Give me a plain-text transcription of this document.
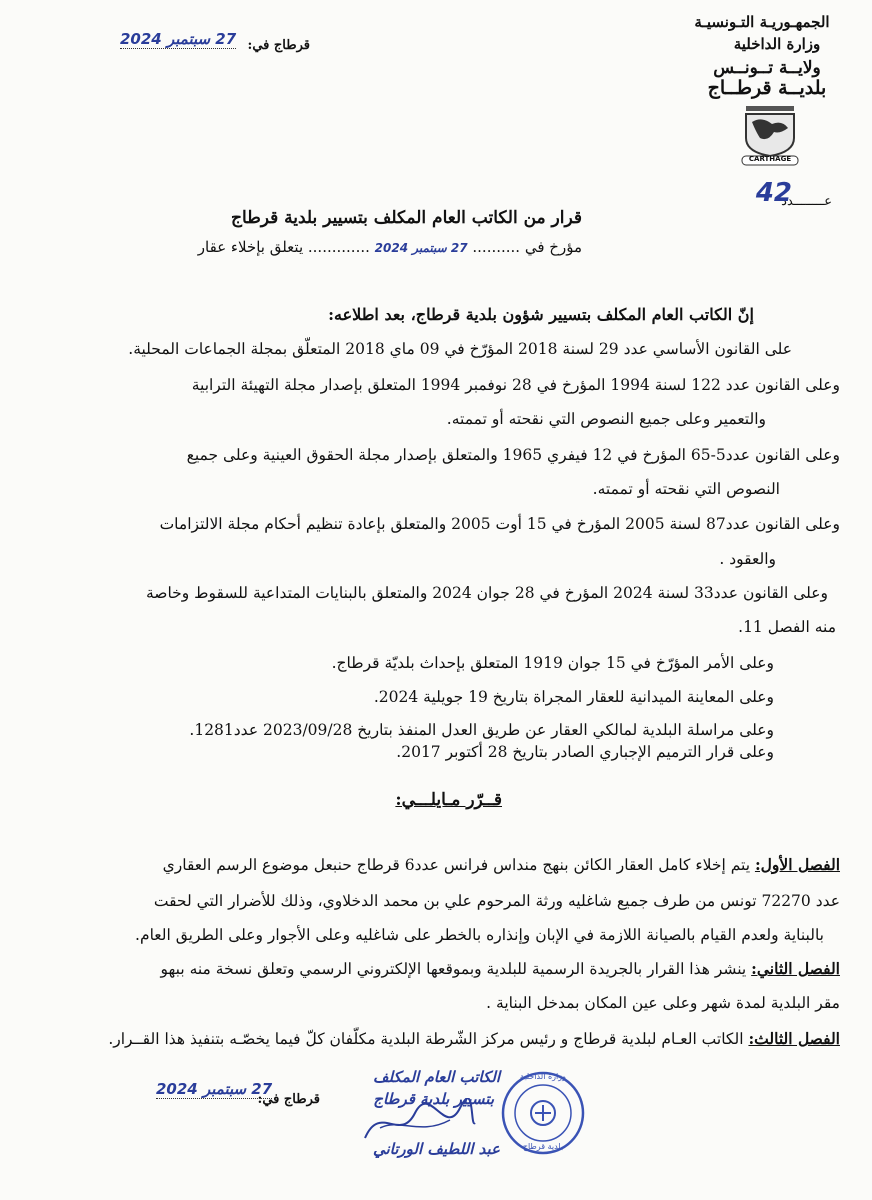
الجمهـوريـة التـونسيـة
وزارة الداخلية
ولايــة تــونــس
بلديــة قرطــاج
CARTHAGE
قرطاج في:
27 سبتمبر 2024
عــــــــدد
42
قرار من الكاتب العام المكلف بتسيير بلدية قرطاج
مؤرخ في .......... 27 سبتمبر 2024 ............. يتعلق بإخلاء عقار
إنّ الكاتب العام المكلف بتسيير شؤون بلدية قرطاج، بعد اطلاعه:
على القانون الأساسي عدد 29 لسنة 2018 المؤرّخ في 09 ماي 2018 المتعلّق بمجلة الجماعات المحلية.
وعلى القانون عدد 122 لسنة 1994 المؤرخ في 28 نوفمبر 1994 المتعلق بإصدار مجلة التهيئة الترابية
والتعمير وعلى جميع النصوص التي نقحته أو تممته.
وعلى القانون عدد5-65 المؤرخ في 12 فيفري 1965 والمتعلق بإصدار مجلة الحقوق العينية وعلى جميع
النصوص التي نقحته أو تممته.
وعلى القانون عدد87 لسنة 2005 المؤرخ في 15 أوت 2005 والمتعلق بإعادة تنظيم أحكام مجلة الالتزامات
والعقود .
وعلى القانون عدد33 لسنة 2024 المؤرخ في 28 جوان 2024 والمتعلق بالبنايات المتداعية للسقوط وخاصة
منه الفصل 11.
وعلى الأمر المؤرّخ في 15 جوان 1919 المتعلق بإحداث بلديّة قرطاج.
وعلى المعاينة الميدانية للعقار المجراة بتاريخ 19 جويلية 2024.
وعلى مراسلة البلدية لمالكي العقار عن طريق العدل المنفذ بتاريخ 2023/09/28 عدد1281.
وعلى قرار الترميم الإجباري الصادر بتاريخ 28 أكتوبر 2017.
قــرّر مـايلـــي:
الفصل الأول: يتم إخلاء كامل العقار الكائن بنهج منداس فرانس عدد6 قرطاج حنبعل موضوع الرسم العقاري
عدد 72270 تونس من طرف جميع شاغليه ورثة المرحوم علي بن محمد الدخلاوي، وذلك للأضرار التي لحقت
بالبناية ولعدم القيام بالصيانة اللازمة في الإبان وإنذاره بالخطر على شاغليه وعلى الأجوار وعلى الطريق العام.
الفصل الثاني: ينشر هذا القرار بالجريدة الرسمية للبلدية وبموقعها الإلكتروني الرسمي وتعلق نسخة منه ببهو
مقر البلدية لمدة شهر وعلى عين المكان بمدخل البناية .
الفصل الثالث: الكاتب العـام لبلدية قرطاج و رئيس مركز الشّرطة البلدية مكلّفان كلّ فيما يخصّـه بتنفيذ هذا القــرار.
قرطاج في:
27 سبتمبر 2024
الكاتب العام المكلف
بتسيير بلدية قرطاج
عبد اللطيف الورتاني
وزارة الداخلية
بلدية قرطاج
